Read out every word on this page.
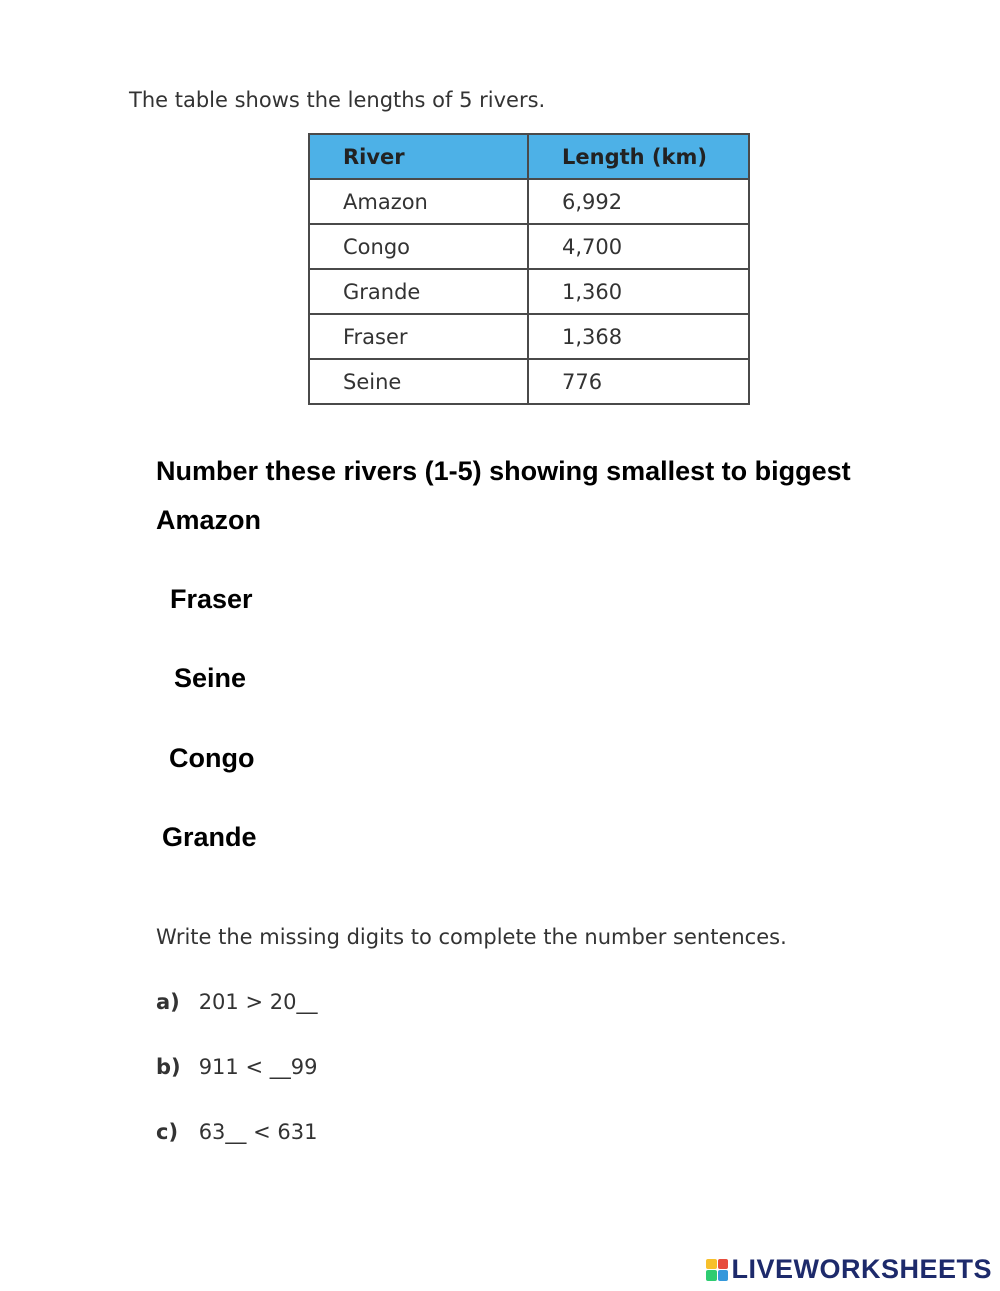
The table shows the lengths of 5 rivers.
River	Length (km)
Amazon	6,992
Congo	4,700
Grande	1,360
Fraser	1,368
Seine	776
Number these rivers (1-5) showing smallest to biggest
Amazon
Fraser
Seine
Congo
Grande
Write the missing digits to complete the number sentences.
a) 201 > 20__
b) 911 < __99
c) 63__ < 631
LIVEWORKSHEETS
